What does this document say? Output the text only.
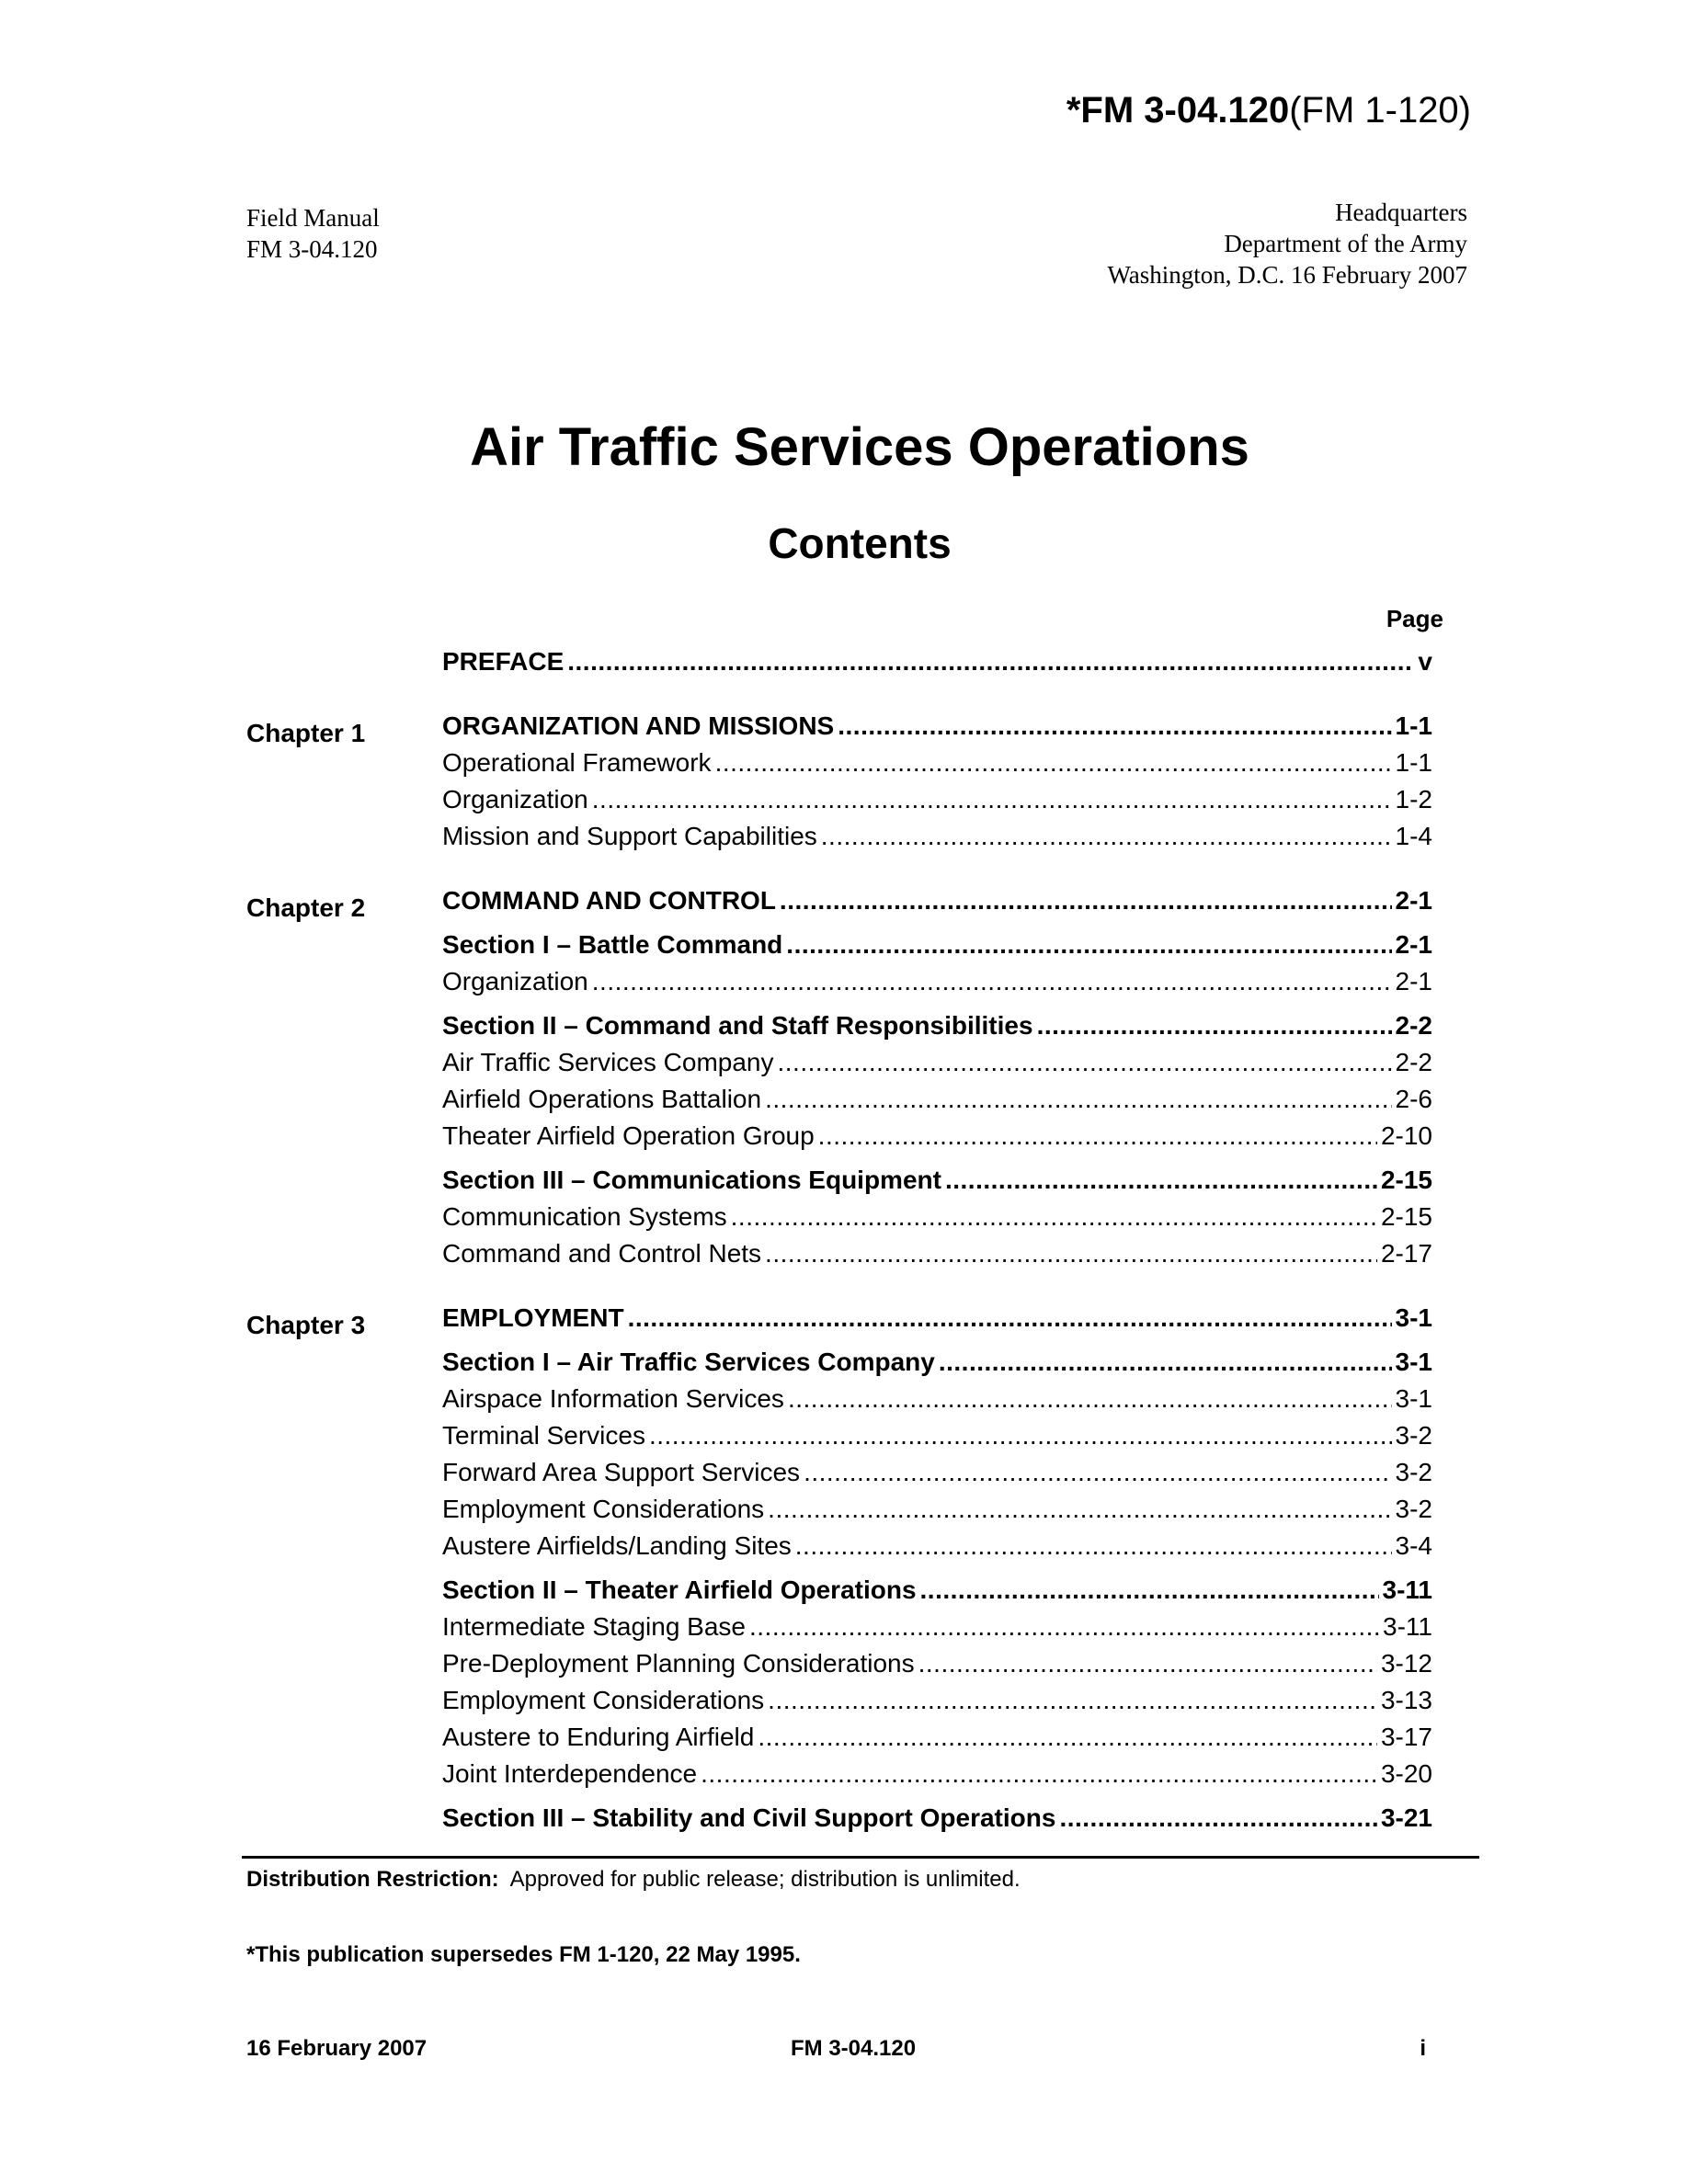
*FM 3-04.120(FM 1-120)
Field Manual
FM 3-04.120
Headquarters
Department of the Army
Washington, D.C. 16 February 2007
Air Traffic Services Operations
Contents
Page
PREFACE .....	v
Chapter 1	ORGANIZATION AND MISSIONS .....	1-1
Operational Framework .....	1-1
Organization .....	1-2
Mission and Support Capabilities .....	1-4
Chapter 2	COMMAND AND CONTROL .....	2-1
Section I – Battle Command .....	2-1
Organization .....	2-1
Section II – Command and Staff Responsibilities .....	2-2
Air Traffic Services Company .....	2-2
Airfield Operations Battalion .....	2-6
Theater Airfield Operation Group .....	2-10
Section III – Communications Equipment .....	2-15
Communication Systems .....	2-15
Command and Control Nets .....	2-17
Chapter 3	EMPLOYMENT .....	3-1
Section I – Air Traffic Services Company .....	3-1
Airspace Information Services .....	3-1
Terminal Services .....	3-2
Forward Area Support Services .....	3-2
Employment Considerations .....	3-2
Austere Airfields/Landing Sites .....	3-4
Section II – Theater Airfield Operations .....	3-11
Intermediate Staging Base .....	3-11
Pre-Deployment Planning Considerations .....	3-12
Employment Considerations .....	3-13
Austere to Enduring Airfield .....	3-17
Joint Interdependence .....	3-20
Section III – Stability and Civil Support Operations .....	3-21
Distribution Restriction: Approved for public release; distribution is unlimited.
*This publication supersedes FM 1-120, 22 May 1995.
16 February 2007	FM 3-04.120	i
